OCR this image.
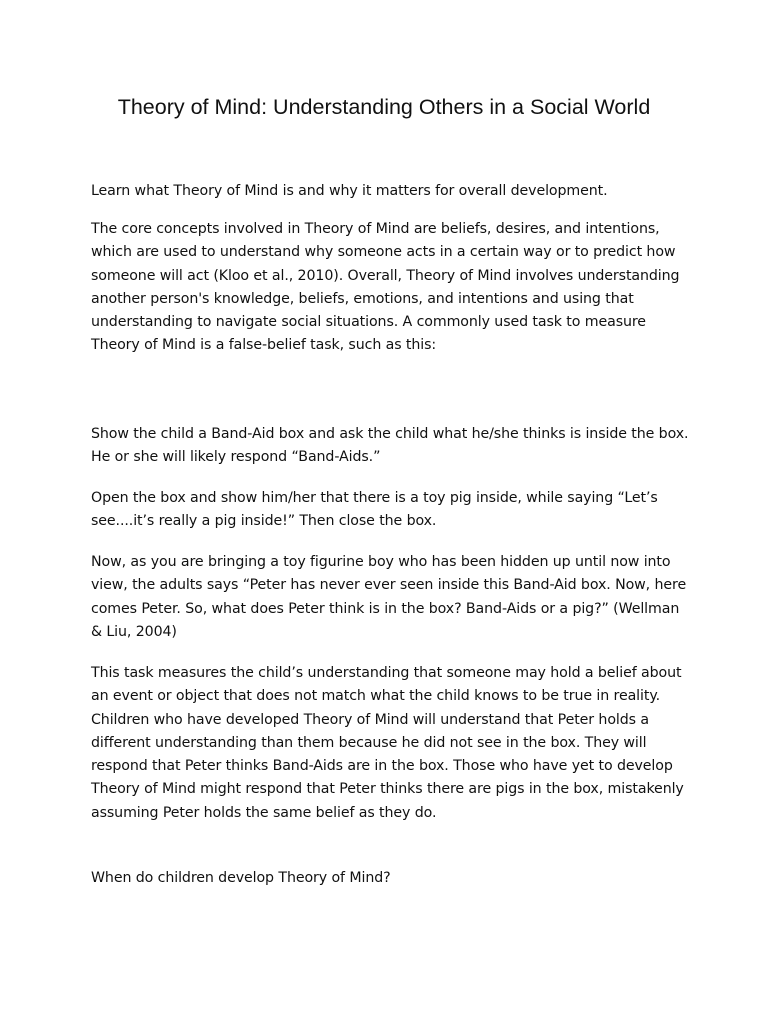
Theory of Mind: Understanding Others in a Social World

Learn what Theory of Mind is and why it matters for overall development.

The core concepts involved in Theory of Mind are beliefs, desires, and intentions, which are used to understand why someone acts in a certain way or to predict how someone will act (Kloo et al., 2010). Overall, Theory of Mind involves understanding another person's knowledge, beliefs, emotions, and intentions and using that understanding to navigate social situations. A commonly used task to measure Theory of Mind is a false-belief task, such as this:

Show the child a Band-Aid box and ask the child what he/she thinks is inside the box. He or she will likely respond “Band-Aids.”

Open the box and show him/her that there is a toy pig inside, while saying “Let’s see....it’s really a pig inside!” Then close the box.

Now, as you are bringing a toy figurine boy who has been hidden up until now into view, the adults says “Peter has never ever seen inside this Band-Aid box. Now, here comes Peter. So, what does Peter think is in the box? Band-Aids or a pig?” (Wellman & Liu, 2004)

This task measures the child’s understanding that someone may hold a belief about an event or object that does not match what the child knows to be true in reality. Children who have developed Theory of Mind will understand that Peter holds a different understanding than them because he did not see in the box. They will respond that Peter thinks Band-Aids are in the box. Those who have yet to develop Theory of Mind might respond that Peter thinks there are pigs in the box, mistakenly assuming Peter holds the same belief as they do.

When do children develop Theory of Mind?
